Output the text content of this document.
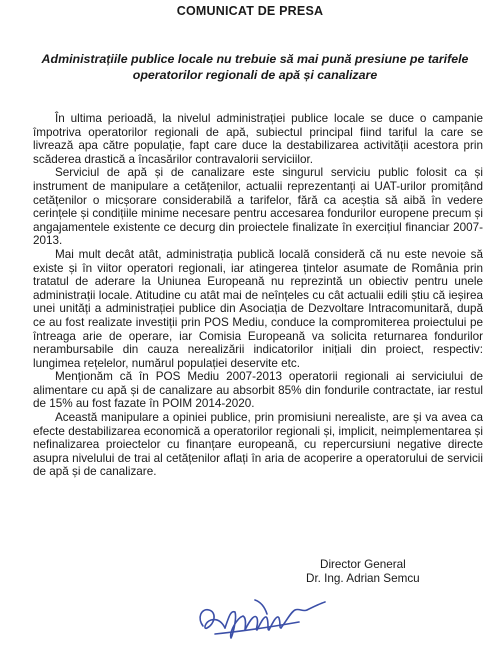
COMUNICAT DE PRESA
Administrațiile publice locale nu trebuie să mai pună presiune pe tarifele operatorilor regionali de apă și canalizare

În ultima perioadă, la nivelul administrației publice locale se duce o campanie împotriva operatorilor regionali de apă, subiectul principal fiind tariful la care se livrează apa către populație, fapt care duce la destabilizarea activității acestora prin scăderea drastică a încasărilor contravalorii serviciilor.

Serviciul de apă și de canalizare este singurul serviciu public folosit ca și instrument de manipulare a cetățenilor, actualii reprezentanți ai UAT-urilor promițând cetățenilor o micșorare considerabilă a tarifelor, fără ca aceștia să aibă în vedere cerințele și condițiile minime necesare pentru accesarea fondurilor europene precum și angajamentele existente ce decurg din proiectele finalizate în exercițiul financiar 2007-2013.

Mai mult decât atât, administrația publică locală consideră că nu este nevoie să existe și în viitor operatori regionali, iar atingerea țintelor asumate de România prin tratatul de aderare la Uniunea Europeană nu reprezintă un obiectiv pentru unele administrații locale. Atitudine cu atât mai de neînțeles cu cât actualii edili știu că ieșirea unei unități a administrației publice din Asociația de Dezvoltare Intracomunitară, după ce au fost realizate investiții prin POS Mediu, conduce la compromiterea proiectului pe întreaga arie de operare, iar Comisia Europeană va solicita returnarea fondurilor nerambursabile din cauza nerealizării indicatorilor inițiali din proiect, respectiv: lungimea rețelelor, numărul populației deservite etc.

Menționăm că în POS Mediu 2007-2013 operatorii regionali ai serviciului de alimentare cu apă și de canalizare au absorbit 85% din fondurile contractate, iar restul de 15% au fost fazate în POIM 2014-2020.

Această manipulare a opiniei publice, prin promisiuni nerealiste, are și va avea ca efecte destabilizarea economică a operatorilor regionali și, implicit, neimplementarea și nefinalizarea proiectelor cu finanțare europeană, cu repercursiuni negative directe asupra nivelului de trai al cetățenilor aflați în aria de acoperire a operatorului de servicii de apă și de canalizare.

Director General
Dr. Ing. Adrian Semcu
